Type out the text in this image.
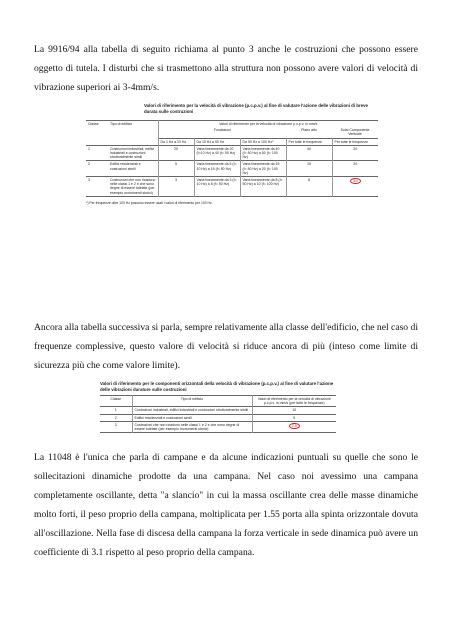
La 9916/94 alla tabella di seguito richiama al punto 3 anche le costruzioni che possono essere oggetto di tutela. I disturbi che si trasmettono alla struttura non possono avere valori di velocità di vibrazione superiori ai 3-4mm/s.
Valori di riferimento per la velocità di vibrazione (p.c.p.v.) al fine di valutare l'azione delle vibrazioni di breve durata sulle costruzioni
Classe	Tipo di edificio	Valori di riferimento per la velocità di vibrazione p.c.p.v. in mm/s				
		Fondazioni			Piano alto	Solai Componente Verticale
		Da 1 Hz a 10 Hz	Da 10 Hz a 50 Hz	Da 50 Hz a 100 Hz*	Per tutte le frequenze	Per tutte le frequenze
1	Costruzioni industriali, edifici industriali e costruzioni strutturalmente simili	20	Varia linearmente da 20 (f=10 Hz) a 40 (f= 50 Hz)	Varia linearmente da 40 (f= 50 Hz) a 50 (f= 100 Hz)	40	20
2	Edifici residenziali e costruzioni simili	5	Varia linearmente da 5 (f= 10 Hz) a 15 (f= 50 Hz)	Varia linearmente da 15 (f= 50 Hz) a 20 (f= 100 Hz)	15	20
3	Costruzioni che non ricadono nelle classi 1 e 2 e che sono degne di essere tutelate (per esempio monumenti storici)	3	Varia linearmente da 3 (f= 10 Hz) a 8 (f= 50 Hz)	Varia linearmente da 8 (f= 50 Hz) a 10 (f= 100 Hz)	8	3/4
*) Per frequenze oltre 100 Hz possono essere usati i valori di riferimento per 100 Hz.
Ancora alla tabella successiva si parla, sempre relativamente alla classe dell'edificio, che nel caso di frequenze complessive, questo valore di velocità si riduce ancora di più (inteso come limite di sicurezza più che come valore limite).
Valori di riferimento per le componenti orizzontali della velocità di vibrazione (p.c.p.v.) al fine di valutare l'azione delle vibrazioni durature sulle costruzioni
Classe	Tipo di edificio	Valori di riferimento per la velocità di vibrazione p.c.p.v. in mm/s (per tutte le frequenze)
1	Costruzioni industriali, edifici industriali e costruzioni strutturalmente simili	10
2	Edifici residenziali e costruzioni simili	5
3	Costruzioni che non ricadono nelle classi 1 e 2 e che sono degne di essere tutelate (per esempio monumenti storici)	2,5
La 11048 è l'unica che parla di campane e da alcune indicazioni puntuali su quelle che sono le sollecitazioni dinamiche prodotte da una campana. Nel caso noi avessimo una campana completamente oscillante, detta "a slancio" in cui la massa oscillante crea delle masse dinamiche molto forti, il peso proprio della campana, moltiplicata per 1.55 porta alla spinta orizzontale dovuta all'oscillazione. Nella fase di discesa della campana la forza verticale in sede dinamica può avere un coefficiente di 3.1 rispetto al peso proprio della campana.
